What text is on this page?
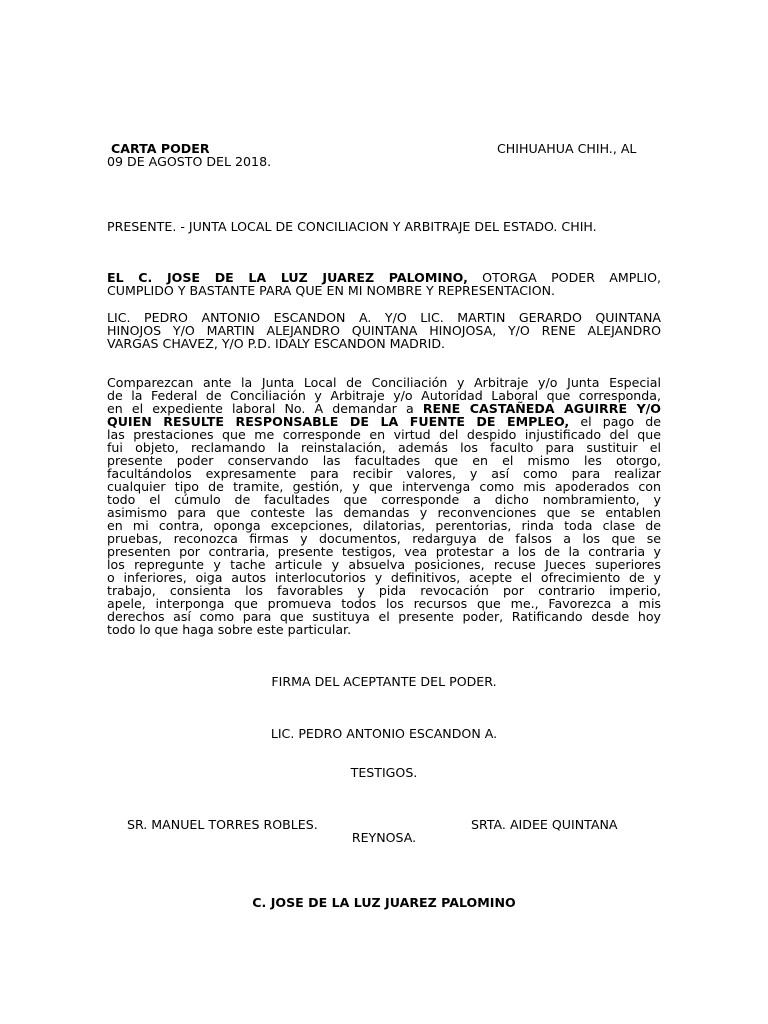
CARTA PODER	CHIHUAHUA CHIH., AL
09 DE AGOSTO DEL 2018.
PRESENTE. - JUNTA LOCAL DE CONCILIACION Y ARBITRAJE DEL ESTADO. CHIH.
EL C. JOSE DE LA LUZ JUAREZ PALOMINO, OTORGA PODER AMPLIO,
CUMPLIDO Y BASTANTE PARA QUE EN MI NOMBRE Y REPRESENTACION.
LIC. PEDRO ANTONIO ESCANDON A. Y/O LIC. MARTIN GERARDO QUINTANA
HINOJOS Y/O MARTIN ALEJANDRO QUINTANA HINOJOSA, Y/O RENE ALEJANDRO
VARGAS CHAVEZ, Y/O P.D. IDALY ESCANDON MADRID.
Comparezcan ante la Junta Local de Conciliación y Arbitraje y/o Junta Especial
de la Federal de Conciliación y Arbitraje y/o Autoridad Laboral que corresponda,
en el expediente laboral No. A demandar a RENE CASTAÑEDA AGUIRRE Y/O
QUIEN RESULTE RESPONSABLE DE LA FUENTE DE EMPLEO, el pago de
las prestaciones que me corresponde en virtud del despido injustificado del que
fui objeto, reclamando la reinstalación, además los faculto para sustituir el
presente poder conservando las facultades que en el mismo les otorgo,
facultándolos expresamente para recibir valores, y así como para realizar
cualquier tipo de tramite, gestión, y que intervenga como mis apoderados con
todo el cúmulo de facultades que corresponde a dicho nombramiento, y
asimismo para que conteste las demandas y reconvenciones que se entablen
en mi contra, oponga excepciones, dilatorias, perentorias, rinda toda clase de
pruebas, reconozca firmas y documentos, redarguya de falsos a los que se
presenten por contraria, presente testigos, vea protestar a los de la contraria y
los repregunte y tache articule y absuelva posiciones, recuse Jueces superiores
o inferiores, oiga autos interlocutorios y definitivos, acepte el ofrecimiento de y
trabajo, consienta los favorables y pida revocación por contrario imperio,
apele, interponga que promueva todos los recursos que me., Favorezca a mis
derechos así como para que sustituya el presente poder, Ratificando desde hoy
todo lo que haga sobre este particular.
FIRMA DEL ACEPTANTE DEL PODER.
LIC. PEDRO ANTONIO ESCANDON A.
TESTIGOS.
SR. MANUEL TORRES ROBLES.	SRTA. AIDEE QUINTANA
REYNOSA.
C. JOSE DE LA LUZ JUAREZ PALOMINO
